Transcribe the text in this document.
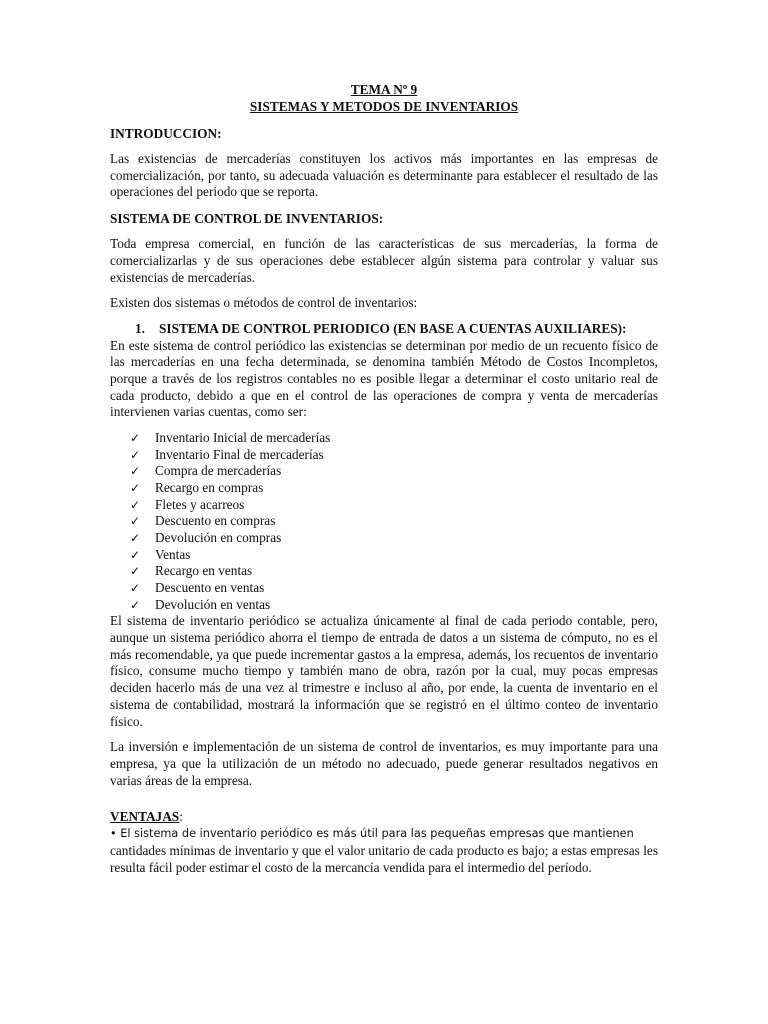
TEMA Nº 9
SISTEMAS Y METODOS DE INVENTARIOS
INTRODUCCION:

Las existencias de mercaderías constituyen los activos más importantes en las empresas de comercialización, por tanto, su adecuada valuación es determinante para establecer el resultado de las operaciones del periodo que se reporta.

SISTEMA DE CONTROL DE INVENTARIOS:

Toda empresa comercial, en función de las características de sus mercaderías, la forma de comercializarlas y de sus operaciones debe establecer algún sistema para controlar y valuar sus existencias de mercaderías.

Existen dos sistemas o métodos de control de inventarios:

1.	SISTEMA DE CONTROL PERIODICO (EN BASE A CUENTAS AUXILIARES):

En este sistema de control periódico las existencias se determinan por medio de un recuento físico de las mercaderías en una fecha determinada, se denomina también Método de Costos Incompletos, porque a través de los registros contables no es posible llegar a determinar el costo unitario real de cada producto, debido a que en el control de las operaciones de compra y venta de mercaderías intervienen varias cuentas, como ser:

✓	Inventario Inicial de mercaderías
✓	Inventario Final de mercaderías
✓	Compra de mercaderías
✓	Recargo en compras
✓	Fletes y acarreos
✓	Descuento en compras
✓	Devolución en compras
✓	Ventas
✓	Recargo en ventas
✓	Descuento en ventas
✓	Devolución en ventas

El sistema de inventario periódico se actualiza únicamente al final de cada periodo contable, pero, aunque un sistema periódico ahorra el tiempo de entrada de datos a un sistema de cómputo, no es el más recomendable, ya que puede incrementar gastos a la empresa, además, los recuentos de inventario físico, consume mucho tiempo y también mano de obra, razón por la cual, muy pocas empresas deciden hacerlo más de una vez al trimestre e incluso al año, por ende, la cuenta de inventario en el sistema de contabilidad, mostrará la información que se registró en el último conteo de inventario físico.

La inversión e implementación de un sistema de control de inventarios, es muy importante para una empresa, ya que la utilización de un método no adecuado, puede generar resultados negativos en varias áreas de la empresa.

VENTAJAS:
• El sistema de inventario periódico es más útil para las pequeñas empresas que mantienen

cantidades mínimas de inventario y que el valor unitario de cada producto es bajo; a estas empresas les resulta fácil poder estimar el costo de la mercancía vendida para el intermedio del período.
